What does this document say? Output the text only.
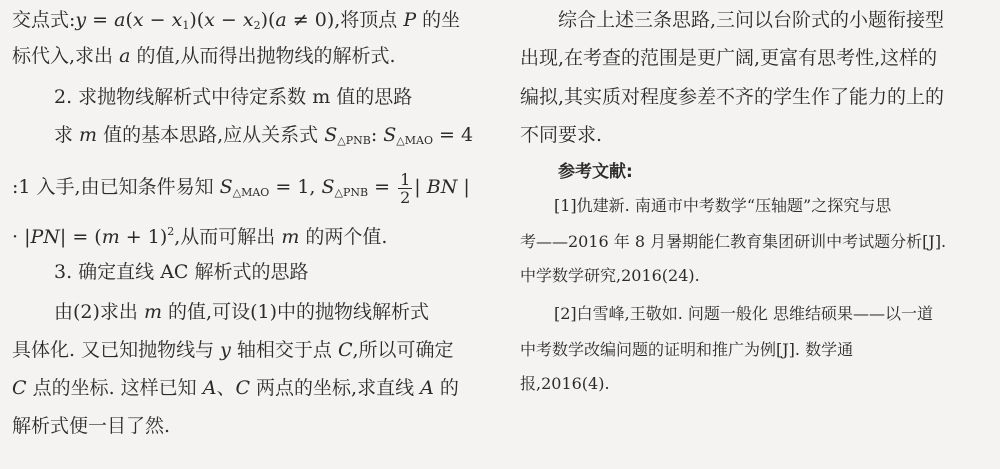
交点式:y = $a(x - x_1)(x - x_2)(a \ne 0)$,将顶点 P 的坐
标代入,求出 a 的值,从而得出抛物线的解析式.
2. 求抛物线解析式中待定系数 m 值的思路
求 m 值的基本思路,应从关系式 $S_{\triangle PNB}$: $S_{\triangle MAO} = 4$
:1 入手,由已知条件易知 $S_{\triangle MAO} = 1$, $S_{\triangle PNB} = \frac{1}{2}$ | BN |
· $|PN| = (m + 1)^2$,从而可解出 m 的两个值.
3. 确定直线 AC 解析式的思路
由(2)求出 m 的值,可设(1)中的抛物线解析式
具体化. 又已知抛物线与 y 轴相交于点 C,所以可确定
C 点的坐标. 这样已知 A、C 两点的坐标,求直线 A 的
解析式便一目了然.
综合上述三条思路,三问以台阶式的小题衔接型
出现,在考查的范围是更广阔,更富有思考性,这样的
编拟,其实质对程度参差不齐的学生作了能力的上的
不同要求.
参考文献:
[1]仇建新. 南通市中考数学“压轴题”之探究与思
考——2016 年 8 月暑期能仁教育集团研训中考试题分析[J].
中学数学研究,2016(24).
[2]白雪峰,王敬如. 问题一般化 思维结硕果——以一道
中考数学改编问题的证明和推广为例[J]. 数学通
报,2016(4).
